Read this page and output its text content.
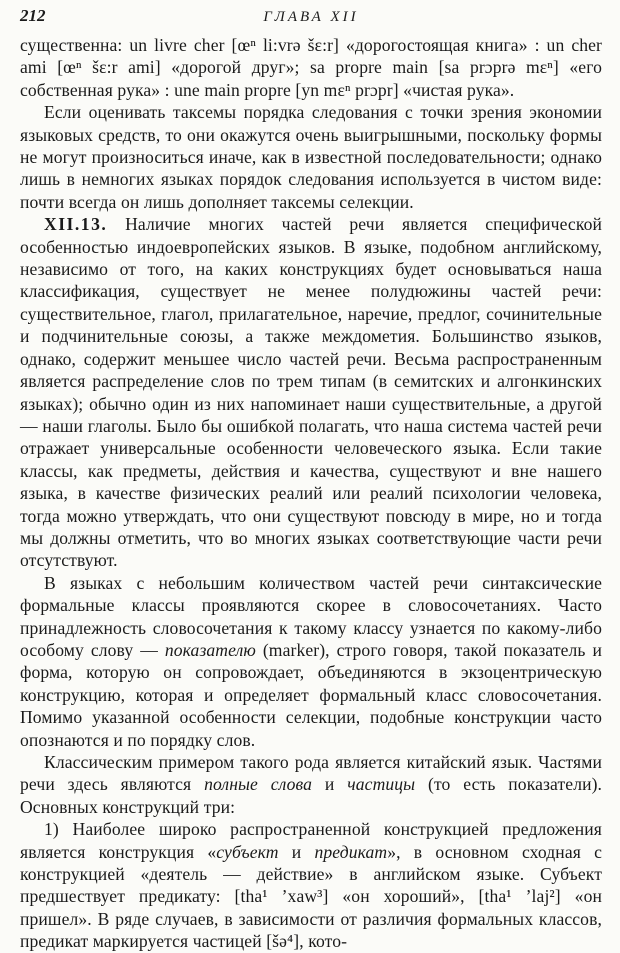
212	ГЛАВА XII

существенна: un livre cher [œⁿ li:vrə šɛ:r] «дорогостоящая книга» : un cher ami [œⁿ šɛ:r ami] «дорогой друг»; sa propre main [sa prɔprə mɛⁿ] «его собственная рука» : une main propre [yn mɛⁿ prɔpr] «чистая рука».

Если оценивать таксемы порядка следования с точки зрения экономии языковых средств, то они окажутся очень выигрышными, поскольку формы не могут произноситься иначе, как в известной последовательности; однако лишь в немногих языках порядок следования используется в чистом виде: почти всегда он лишь дополняет таксемы селекции.

XII.13. Наличие многих частей речи является специфической особенностью индоевропейских языков. В языке, подобном английскому, независимо от того, на каких конструкциях будет основываться наша классификация, существует не менее полудюжины частей речи: существительное, глагол, прилагательное, наречие, предлог, сочинительные и подчинительные союзы, а также междометия. Большинство языков, однако, содержит меньшее число частей речи. Весьма распространенным является распределение слов по трем типам (в семитских и алгонкинских языках); обычно один из них напоминает наши существительные, а другой — наши глаголы. Было бы ошибкой полагать, что наша система частей речи отражает универсальные особенности человеческого языка. Если такие классы, как предметы, действия и качества, существуют и вне нашего языка, в качестве физических реалий или реалий психологии человека, тогда можно утверждать, что они существуют повсюду в мире, но и тогда мы должны отметить, что во многих языках соответствующие части речи отсутствуют.

В языках с небольшим количеством частей речи синтаксические формальные классы проявляются скорее в словосочетаниях. Часто принадлежность словосочетания к такому классу узнается по какому-либо особому слову — показателю (marker), строго говоря, такой показатель и форма, которую он сопровождает, объединяются в экзоцентрическую конструкцию, которая и определяет формальный класс словосочетания. Помимо указанной особенности селекции, подобные конструкции часто опознаются и по порядку слов.

Классическим примером такого рода является китайский язык. Частями речи здесь являются полные слова и частицы (то есть показатели). Основных конструкций три:

1) Наиболее широко распространенной конструкцией предложения является конструкция «субъект и предикат», в основном сходная с конструкцией «деятель — действие» в английском языке. Субъект предшествует предикату: [tha¹ ’xaw³] «он хороший», [tha¹ ’laj²] «он пришел». В ряде случаев, в зависимости от различия формальных классов, предикат маркируется частицей [šə⁴], кото-
